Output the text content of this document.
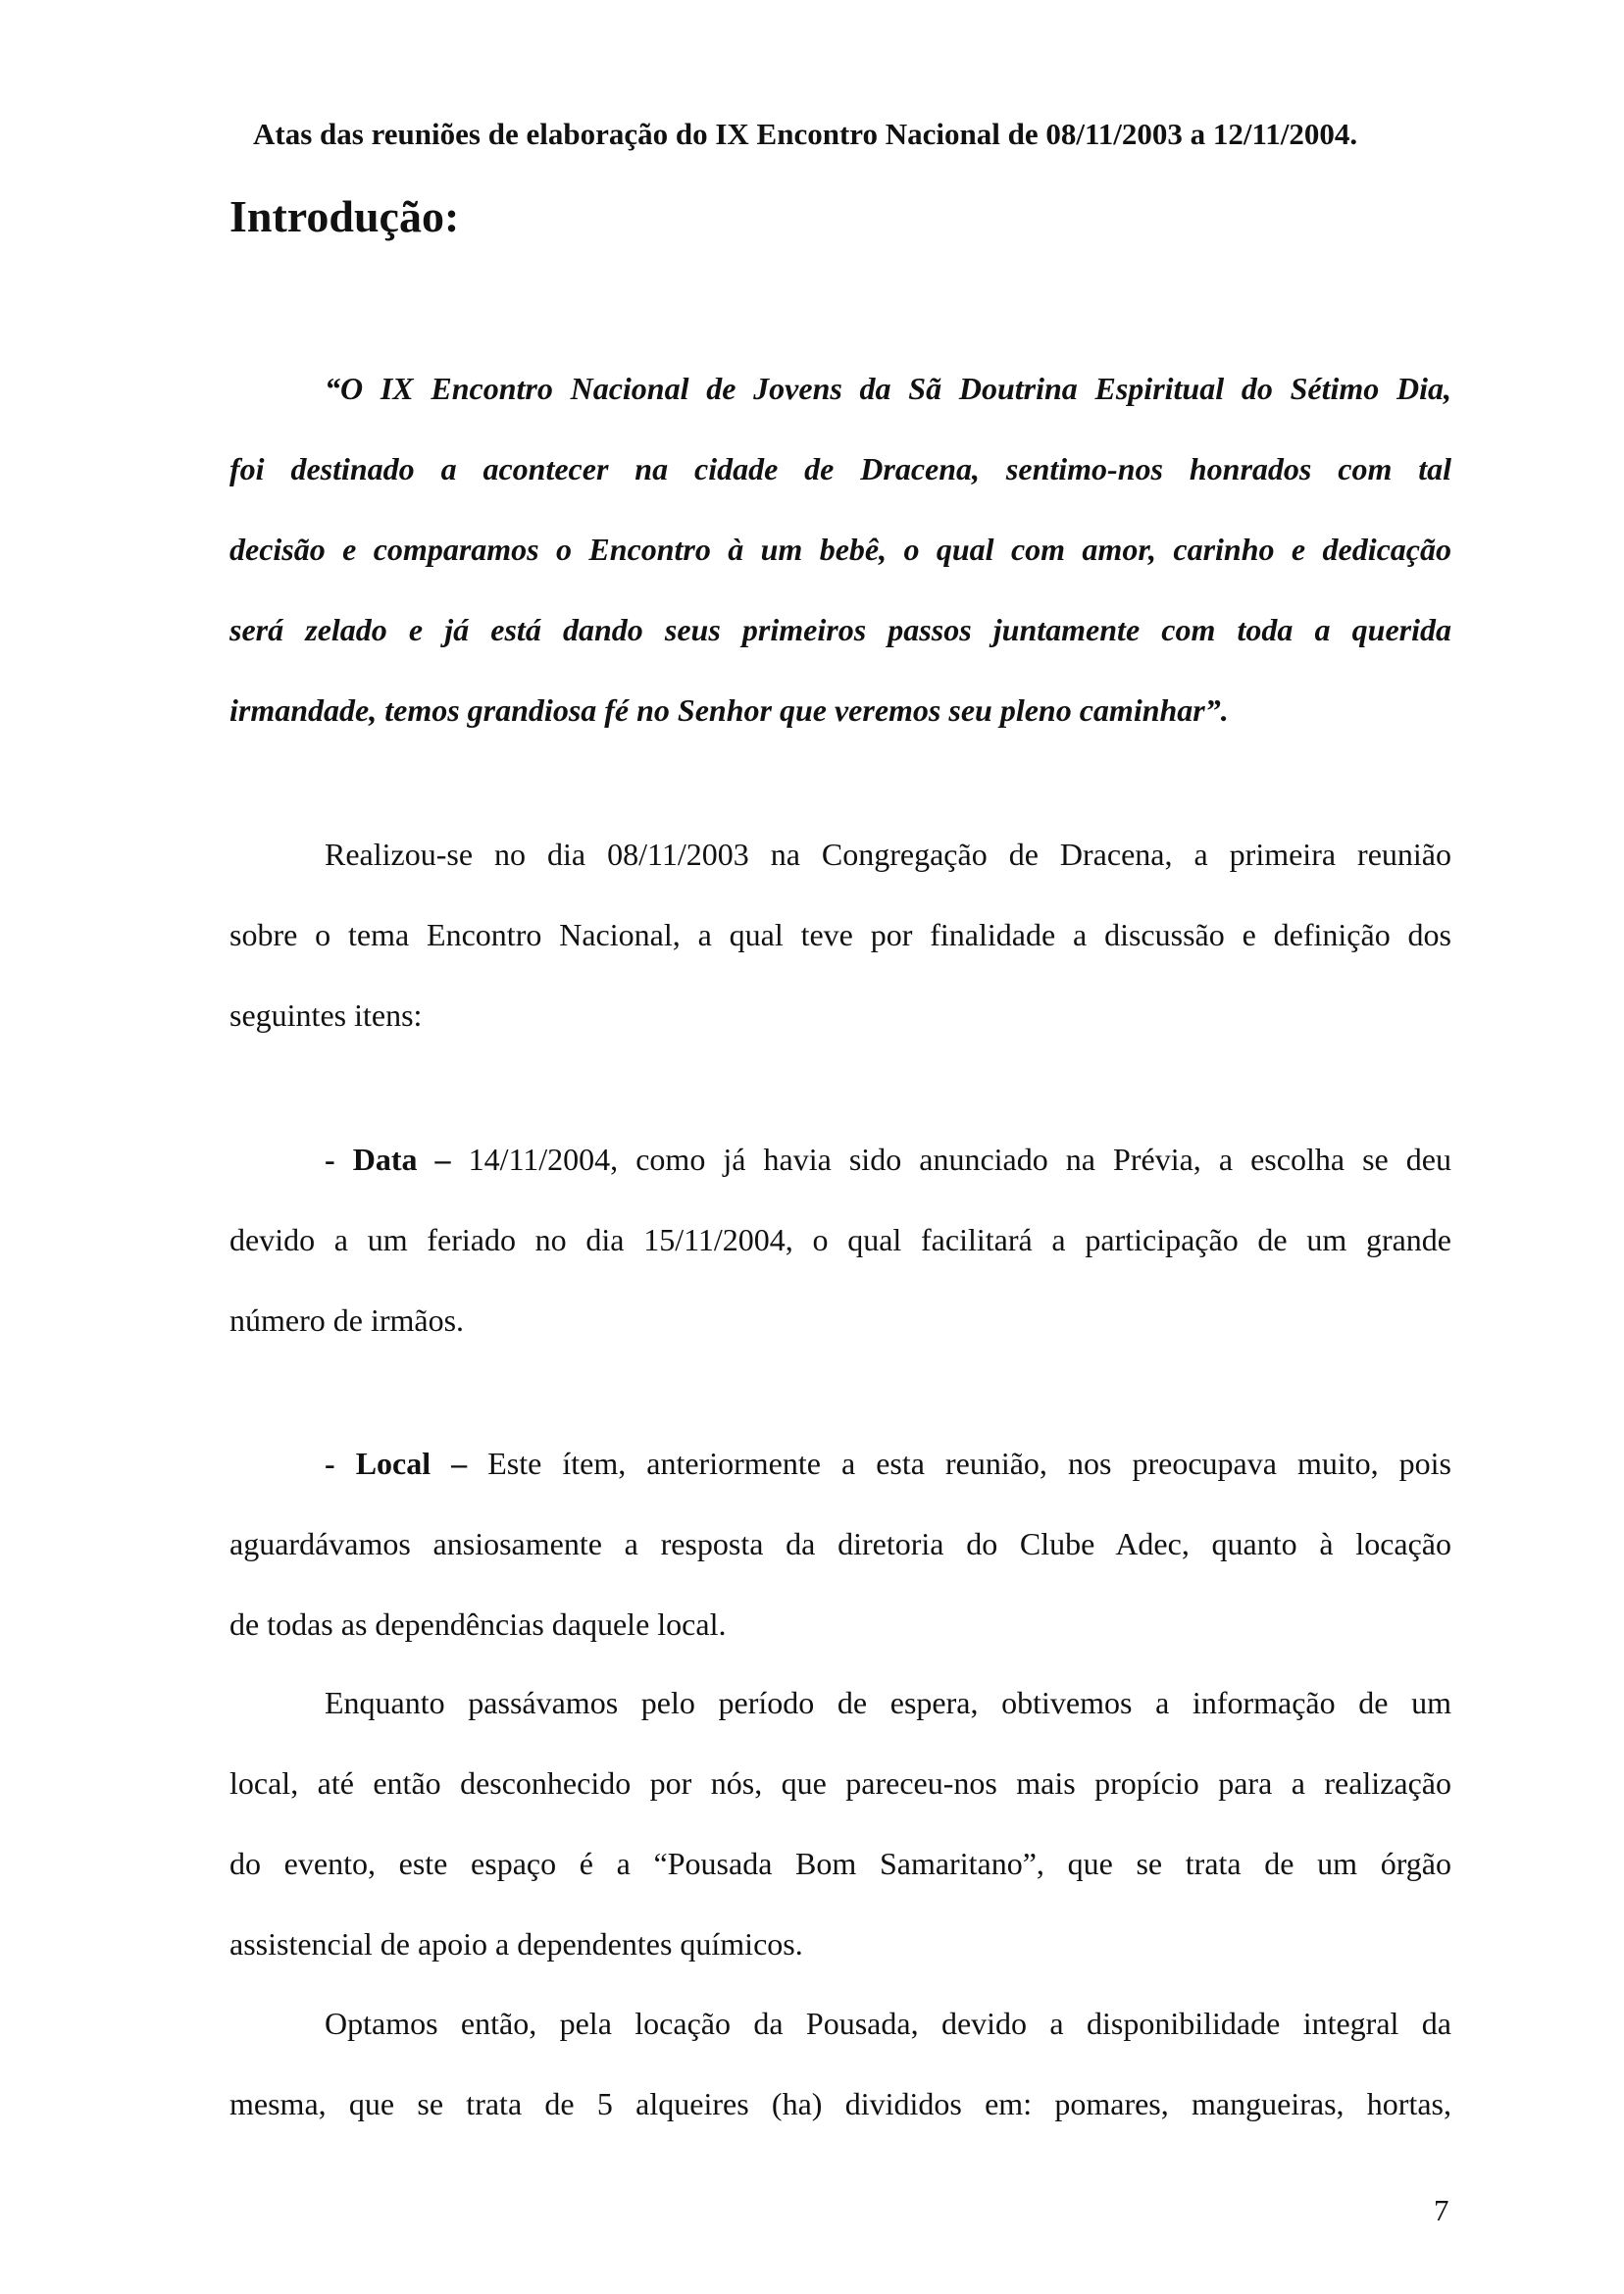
Atas das reuniões de elaboração do IX Encontro Nacional de 08/11/2003 a 12/11/2004.
Introdução:
“O IX Encontro Nacional de Jovens da Sã Doutrina Espiritual do Sétimo Dia,
foi destinado a acontecer na cidade de Dracena, sentimo-nos honrados com tal
decisão e comparamos o Encontro à um bebê, o qual com amor, carinho e dedicação
será zelado e já está dando seus primeiros passos juntamente com toda a querida
irmandade, temos grandiosa fé no Senhor que veremos seu pleno caminhar”.
Realizou-se no dia 08/11/2003 na Congregação de Dracena, a primeira reunião
sobre o tema Encontro Nacional, a qual teve por finalidade a discussão e definição dos
seguintes itens:
- Data – 14/11/2004, como já havia sido anunciado na Prévia, a escolha se deu
devido a um feriado no dia 15/11/2004, o qual facilitará a participação de um grande
número de irmãos.
- Local – Este ítem, anteriormente a esta reunião, nos preocupava muito, pois
aguardávamos ansiosamente a resposta da diretoria do Clube Adec, quanto à locação
de todas as dependências daquele local.
Enquanto passávamos pelo período de espera, obtivemos a informação de um
local, até então desconhecido por nós, que pareceu-nos mais propício para a realização
do evento, este espaço é a “Pousada Bom Samaritano”, que se trata de um órgão
assistencial de apoio a dependentes químicos.
Optamos então, pela locação da Pousada, devido a disponibilidade integral da
mesma, que se trata de 5 alqueires (ha) divididos em: pomares, mangueiras, hortas,
7
